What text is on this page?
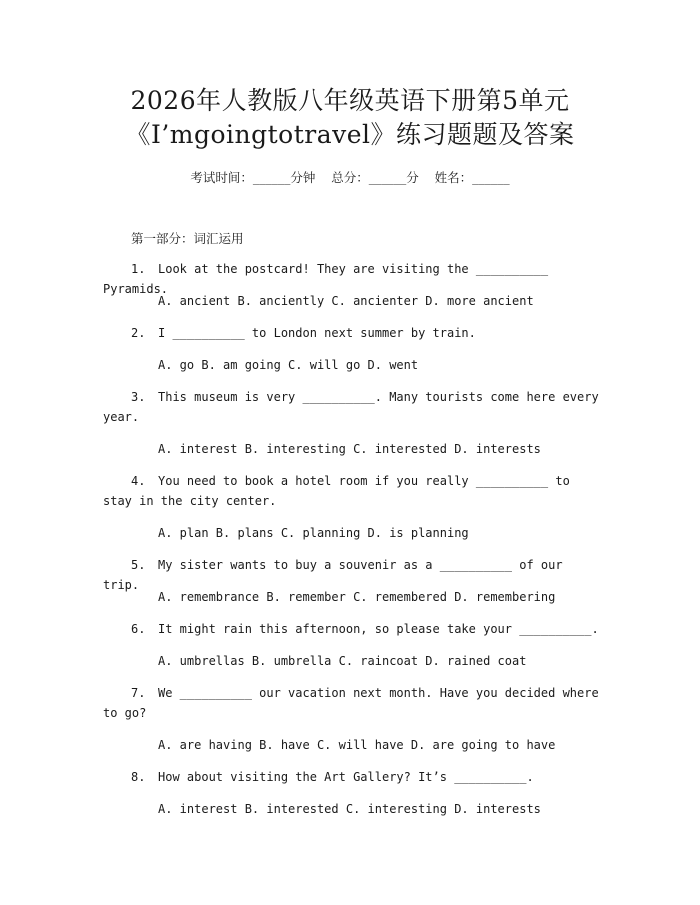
2026年人教版八年级英语下册第5单元
《I’mgoingtotravel》练习题题及答案
考试时间：______分钟    总分：______分    姓名：______
第一部分：词汇运用
1. Look at the postcard! They are visiting the __________ Pyramids.
A. ancient B. anciently C. ancienter D. more ancient
2. I __________ to London next summer by train.
A. go B. am going C. will go D. went
3. This museum is very __________. Many tourists come here every year.
A. interest B. interesting C. interested D. interests
4. You need to book a hotel room if you really __________ to stay in the city center.
A. plan B. plans C. planning D. is planning
5. My sister wants to buy a souvenir as a __________ of our trip.
A. remembrance B. remember C. remembered D. remembering
6. It might rain this afternoon, so please take your __________.
A. umbrellas B. umbrella C. raincoat D. rained coat
7. We __________ our vacation next month. Have you decided where to go?
A. are having B. have C. will have D. are going to have
8. How about visiting the Art Gallery? It’s __________.
A. interest B. interested C. interesting D. interests
